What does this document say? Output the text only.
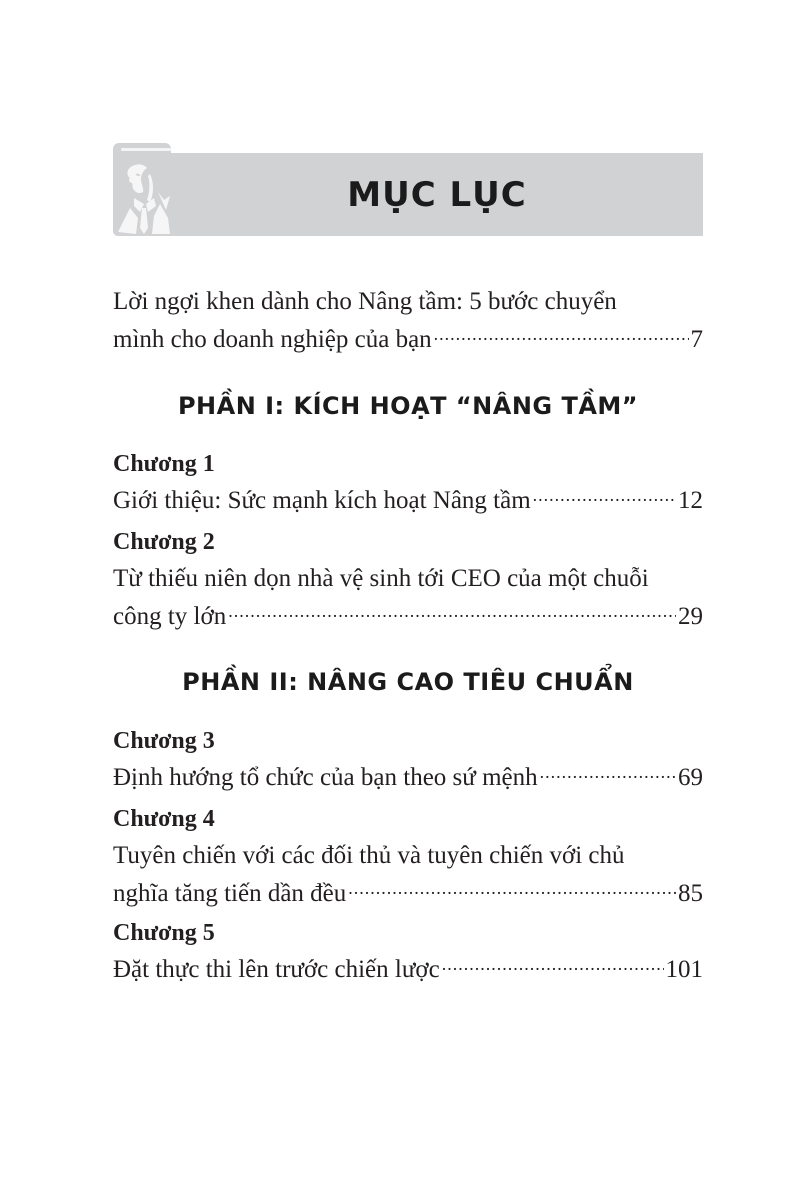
MỤC LỤC
Lời ngợi khen dành cho Nâng tầm: 5 bước chuyển
mình cho doanh nghiệp của bạn .....	7
PHẦN I: KÍCH HOẠT “NÂNG TẦM”
Chương 1
Giới thiệu: Sức mạnh kích hoạt Nâng tầm .....	12
Chương 2
Từ thiếu niên dọn nhà vệ sinh tới CEO của một chuỗi
công ty lớn .....	29
PHẦN II: NÂNG CAO TIÊU CHUẨN
Chương 3
Định hướng tổ chức của bạn theo sứ mệnh .....	69
Chương 4
Tuyên chiến với các đối thủ và tuyên chiến với chủ
nghĩa tăng tiến dần đều .....	85
Chương 5
Đặt thực thi lên trước chiến lược .....	101
